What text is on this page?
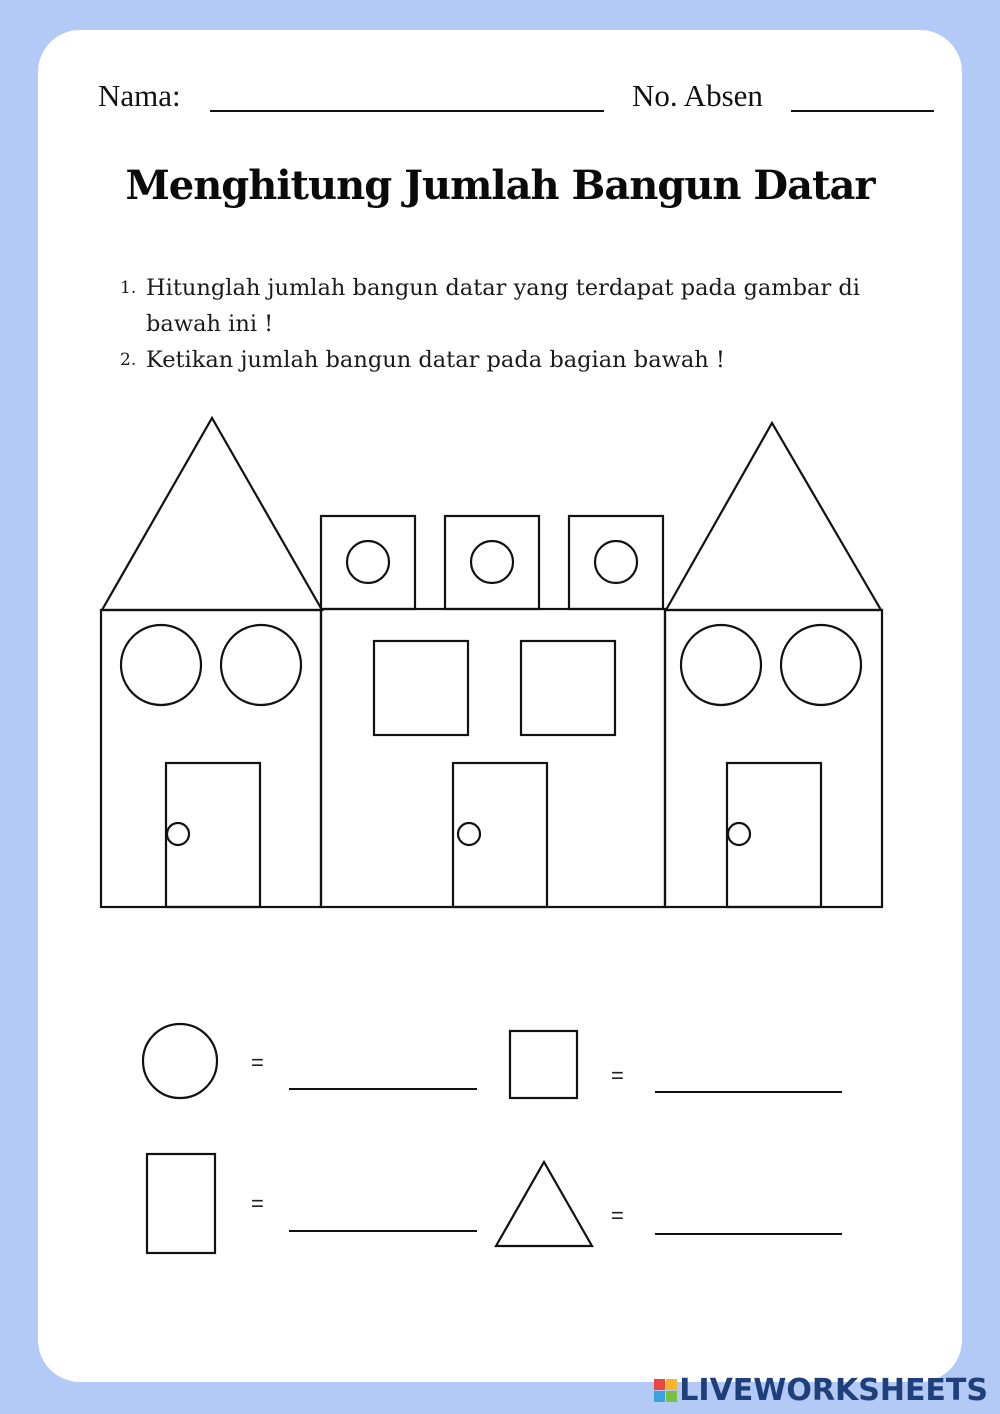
Nama:	No. Absen
Menghitung Jumlah Bangun Datar
1. Hitunglah jumlah bangun datar yang terdapat pada gambar di bawah ini !
2. Ketikan jumlah bangun datar pada bagian bawah !
=
=
=	=
LIVEWORKSHEETS
